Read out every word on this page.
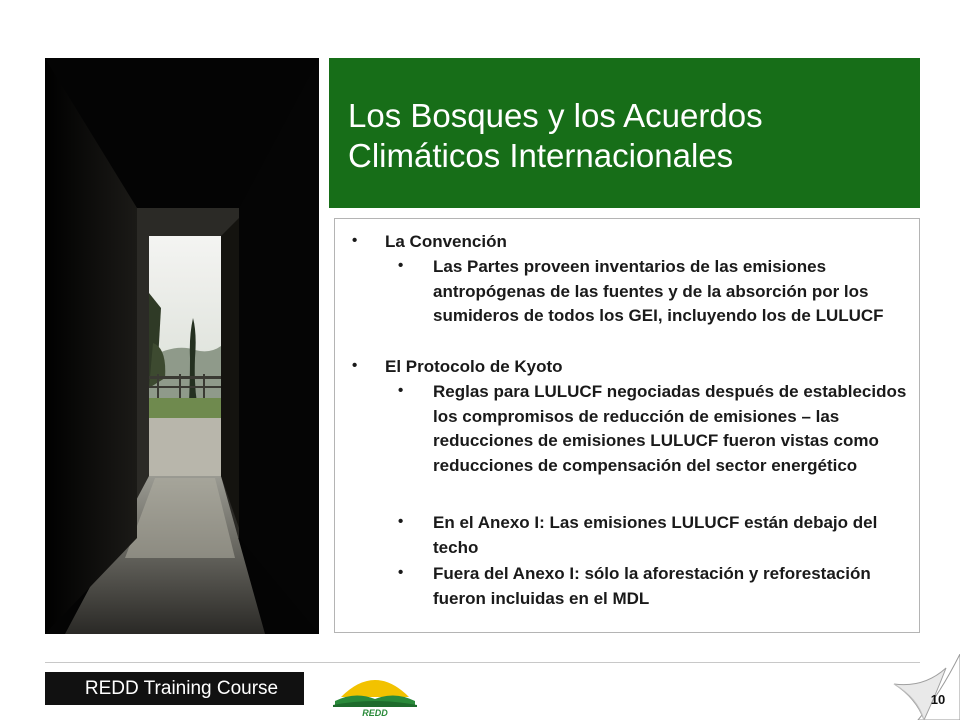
Los Bosques y los Acuerdos
Climáticos Internacionales
• La Convención

• Las Partes proveen inventarios de las emisiones antropógenas de las fuentes y de la absorción por los sumideros de todos los GEI, incluyendo los de LULUCF

• El Protocolo de Kyoto

• Reglas para LULUCF negociadas después de establecidos los compromisos de reducción de emisiones – las reducciones de emisiones LULUCF fueron vistas como reducciones de compensación del sector energético

• En el Anexo I: Las emisiones LULUCF están debajo del techo

• Fuera del Anexo I: sólo la aforestación y reforestación fueron incluidas en el MDL

REDD Training Course
REDD
10
